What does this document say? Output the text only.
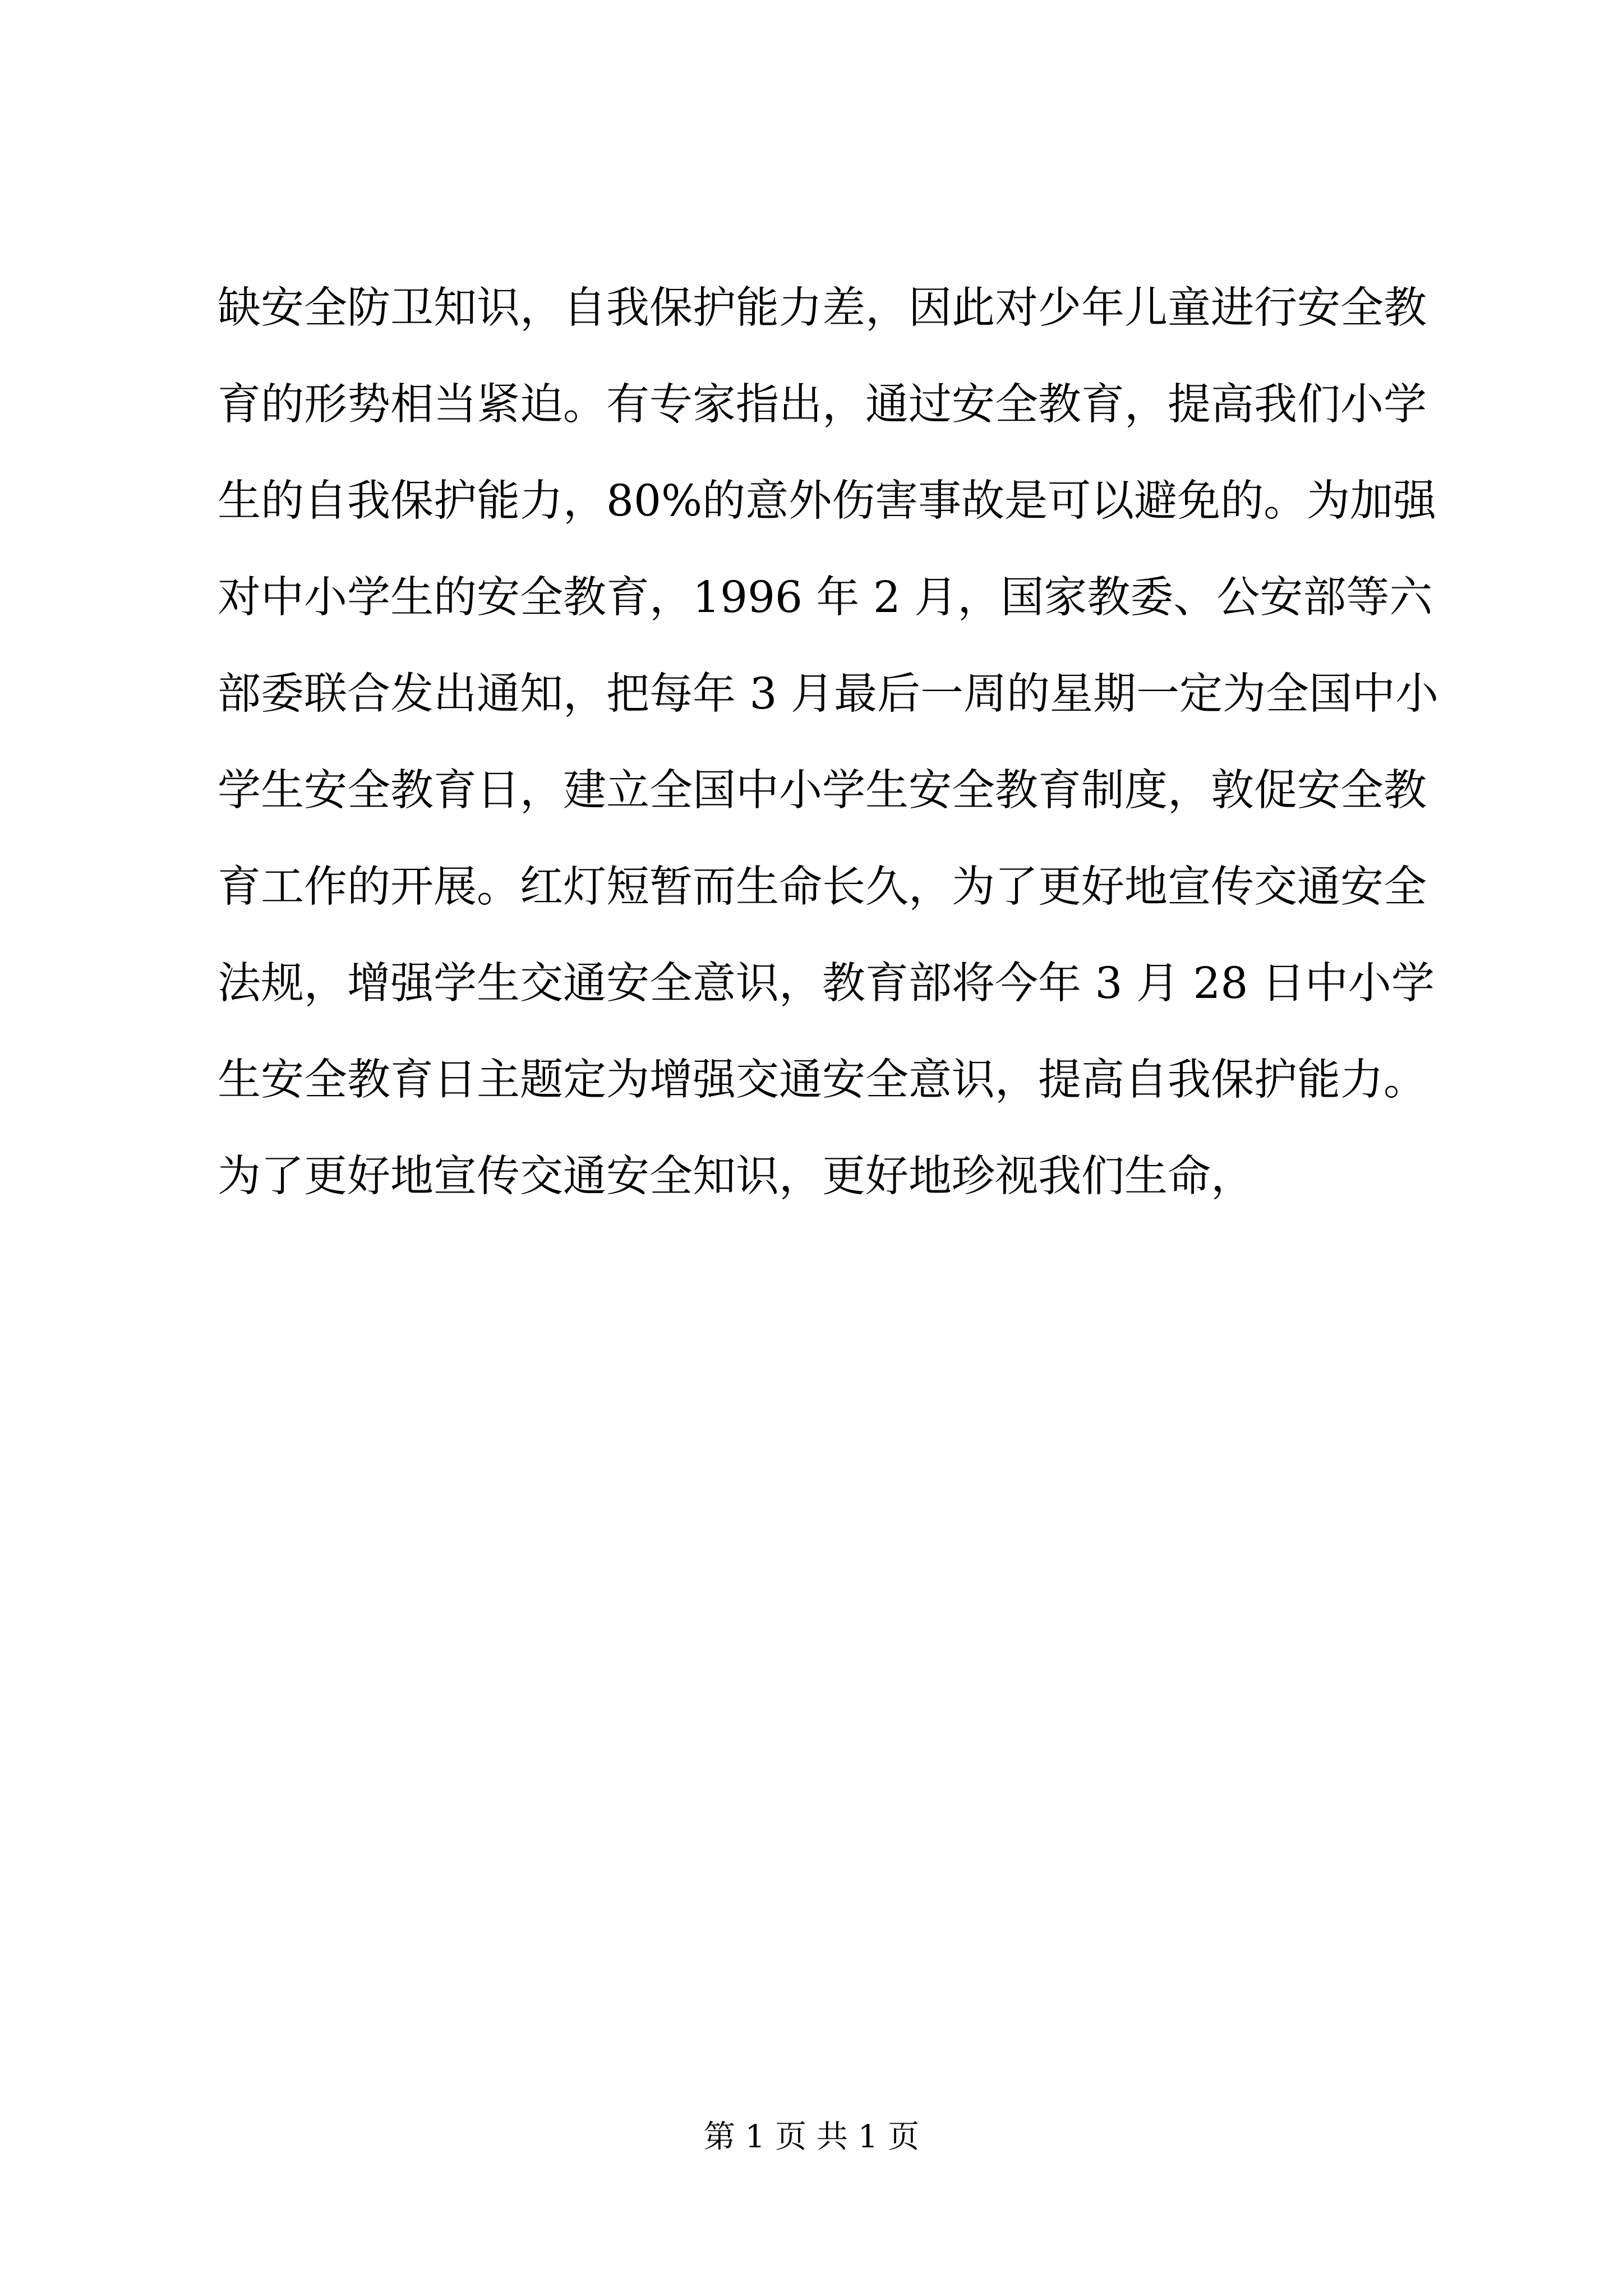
缺安全防卫知识，自我保护能力差，因此对少年儿童进行安全教
育的形势相当紧迫。有专家指出，通过安全教育，提高我们小学
生的自我保护能力，80%的意外伤害事故是可以避免的。为加强
对中小学生的安全教育，1996 年 2 月，国家教委、公安部等六
部委联合发出通知，把每年 3 月最后一周的星期一定为全国中小
学生安全教育日，建立全国中小学生安全教育制度，敦促安全教
育工作的开展。红灯短暂而生命长久，为了更好地宣传交通安全
法规，增强学生交通安全意识，教育部将今年 3 月 28 日中小学
生安全教育日主题定为增强交通安全意识，提高自我保护能力。
为了更好地宣传交通安全知识，更好地珍视我们生命，
第 1 页 共 1 页
